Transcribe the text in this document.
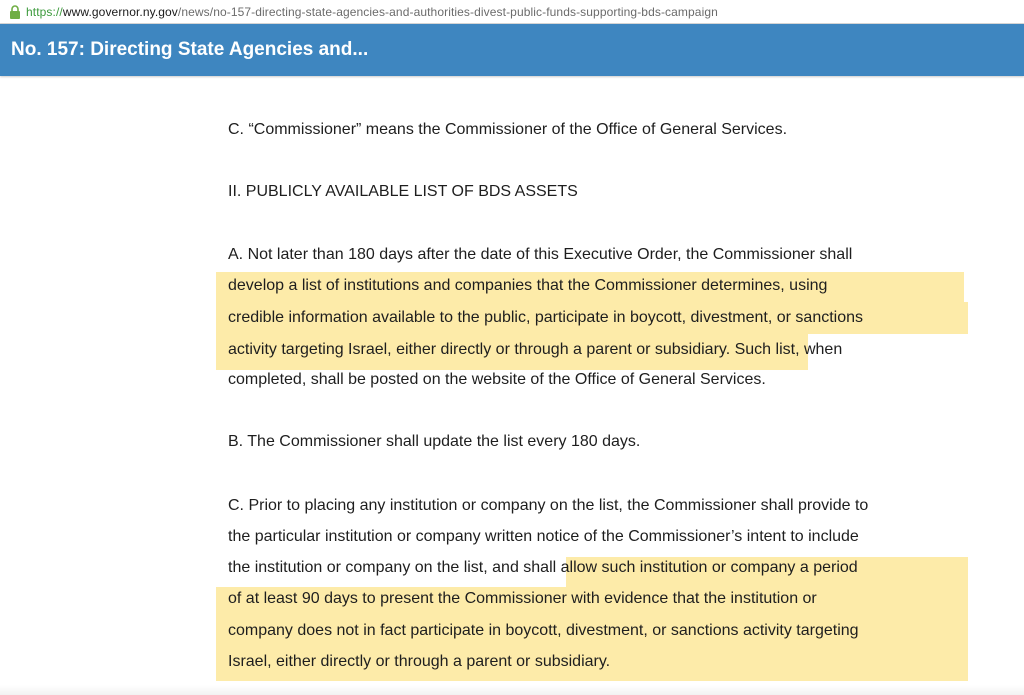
https://www.governor.ny.gov/news/no-157-directing-state-agencies-and-authorities-divest-public-funds-supporting-bds-campaign
No. 157: Directing State Agencies and...

C. “Commissioner” means the Commissioner of the Office of General Services.
II. PUBLICLY AVAILABLE LIST OF BDS ASSETS
A. Not later than 180 days after the date of this Executive Order, the Commissioner shall
develop a list of institutions and companies that the Commissioner determines, using
credible information available to the public, participate in boycott, divestment, or sanctions
activity targeting Israel, either directly or through a parent or subsidiary. Such list, when
completed, shall be posted on the website of the Office of General Services.
B. The Commissioner shall update the list every 180 days.
C. Prior to placing any institution or company on the list, the Commissioner shall provide to
the particular institution or company written notice of the Commissioner’s intent to include
the institution or company on the list, and shall allow such institution or company a period
of at least 90 days to present the Commissioner with evidence that the institution or
company does not in fact participate in boycott, divestment, or sanctions activity targeting
Israel, either directly or through a parent or subsidiary.
